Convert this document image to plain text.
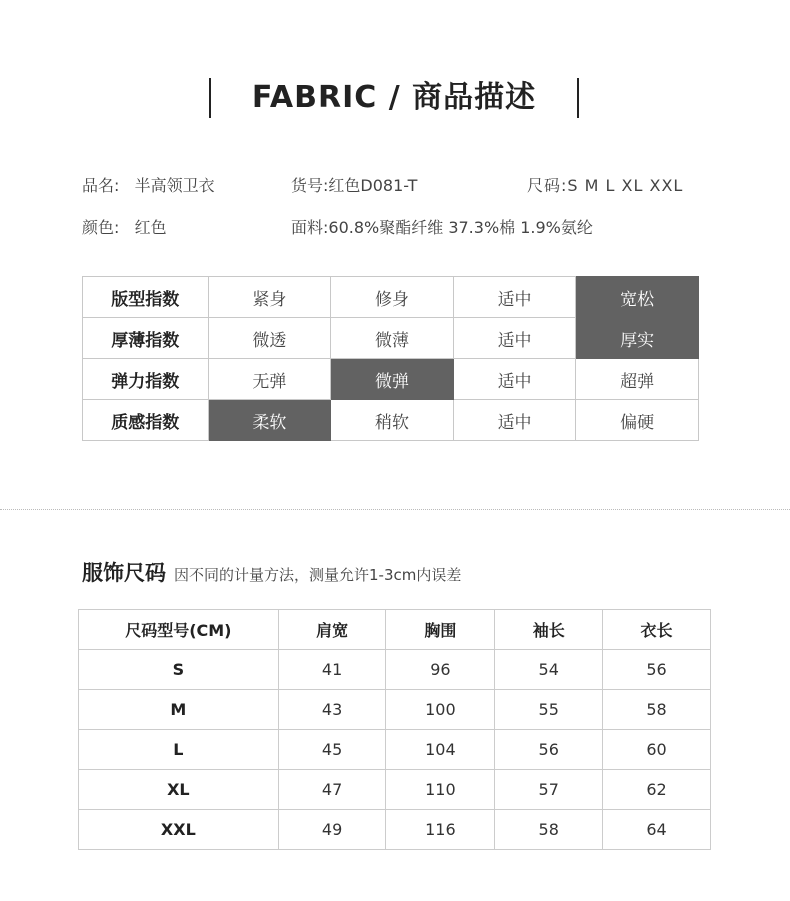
FABRIC / 商品描述
品名: 半高领卫衣	货号:红色D081-T	尺码:S M L XL XXL
颜色: 红色	面料:60.8%聚酯纤维 37.3%棉 1.9%氨纶
版型指数	紧身	修身	适中	宽松
厚薄指数	微透	微薄	适中	厚实
弹力指数	无弹	微弹	适中	超弹
质感指数	柔软	稍软	适中	偏硬
服饰尺码 因不同的计量方法，测量允许1-3cm内误差
尺码型号(CM)	肩宽	胸围	袖长	衣长
S	41	96	54	56
M	43	100	55	58
L	45	104	56	60
XL	47	110	57	62
XXL	49	116	58	64
